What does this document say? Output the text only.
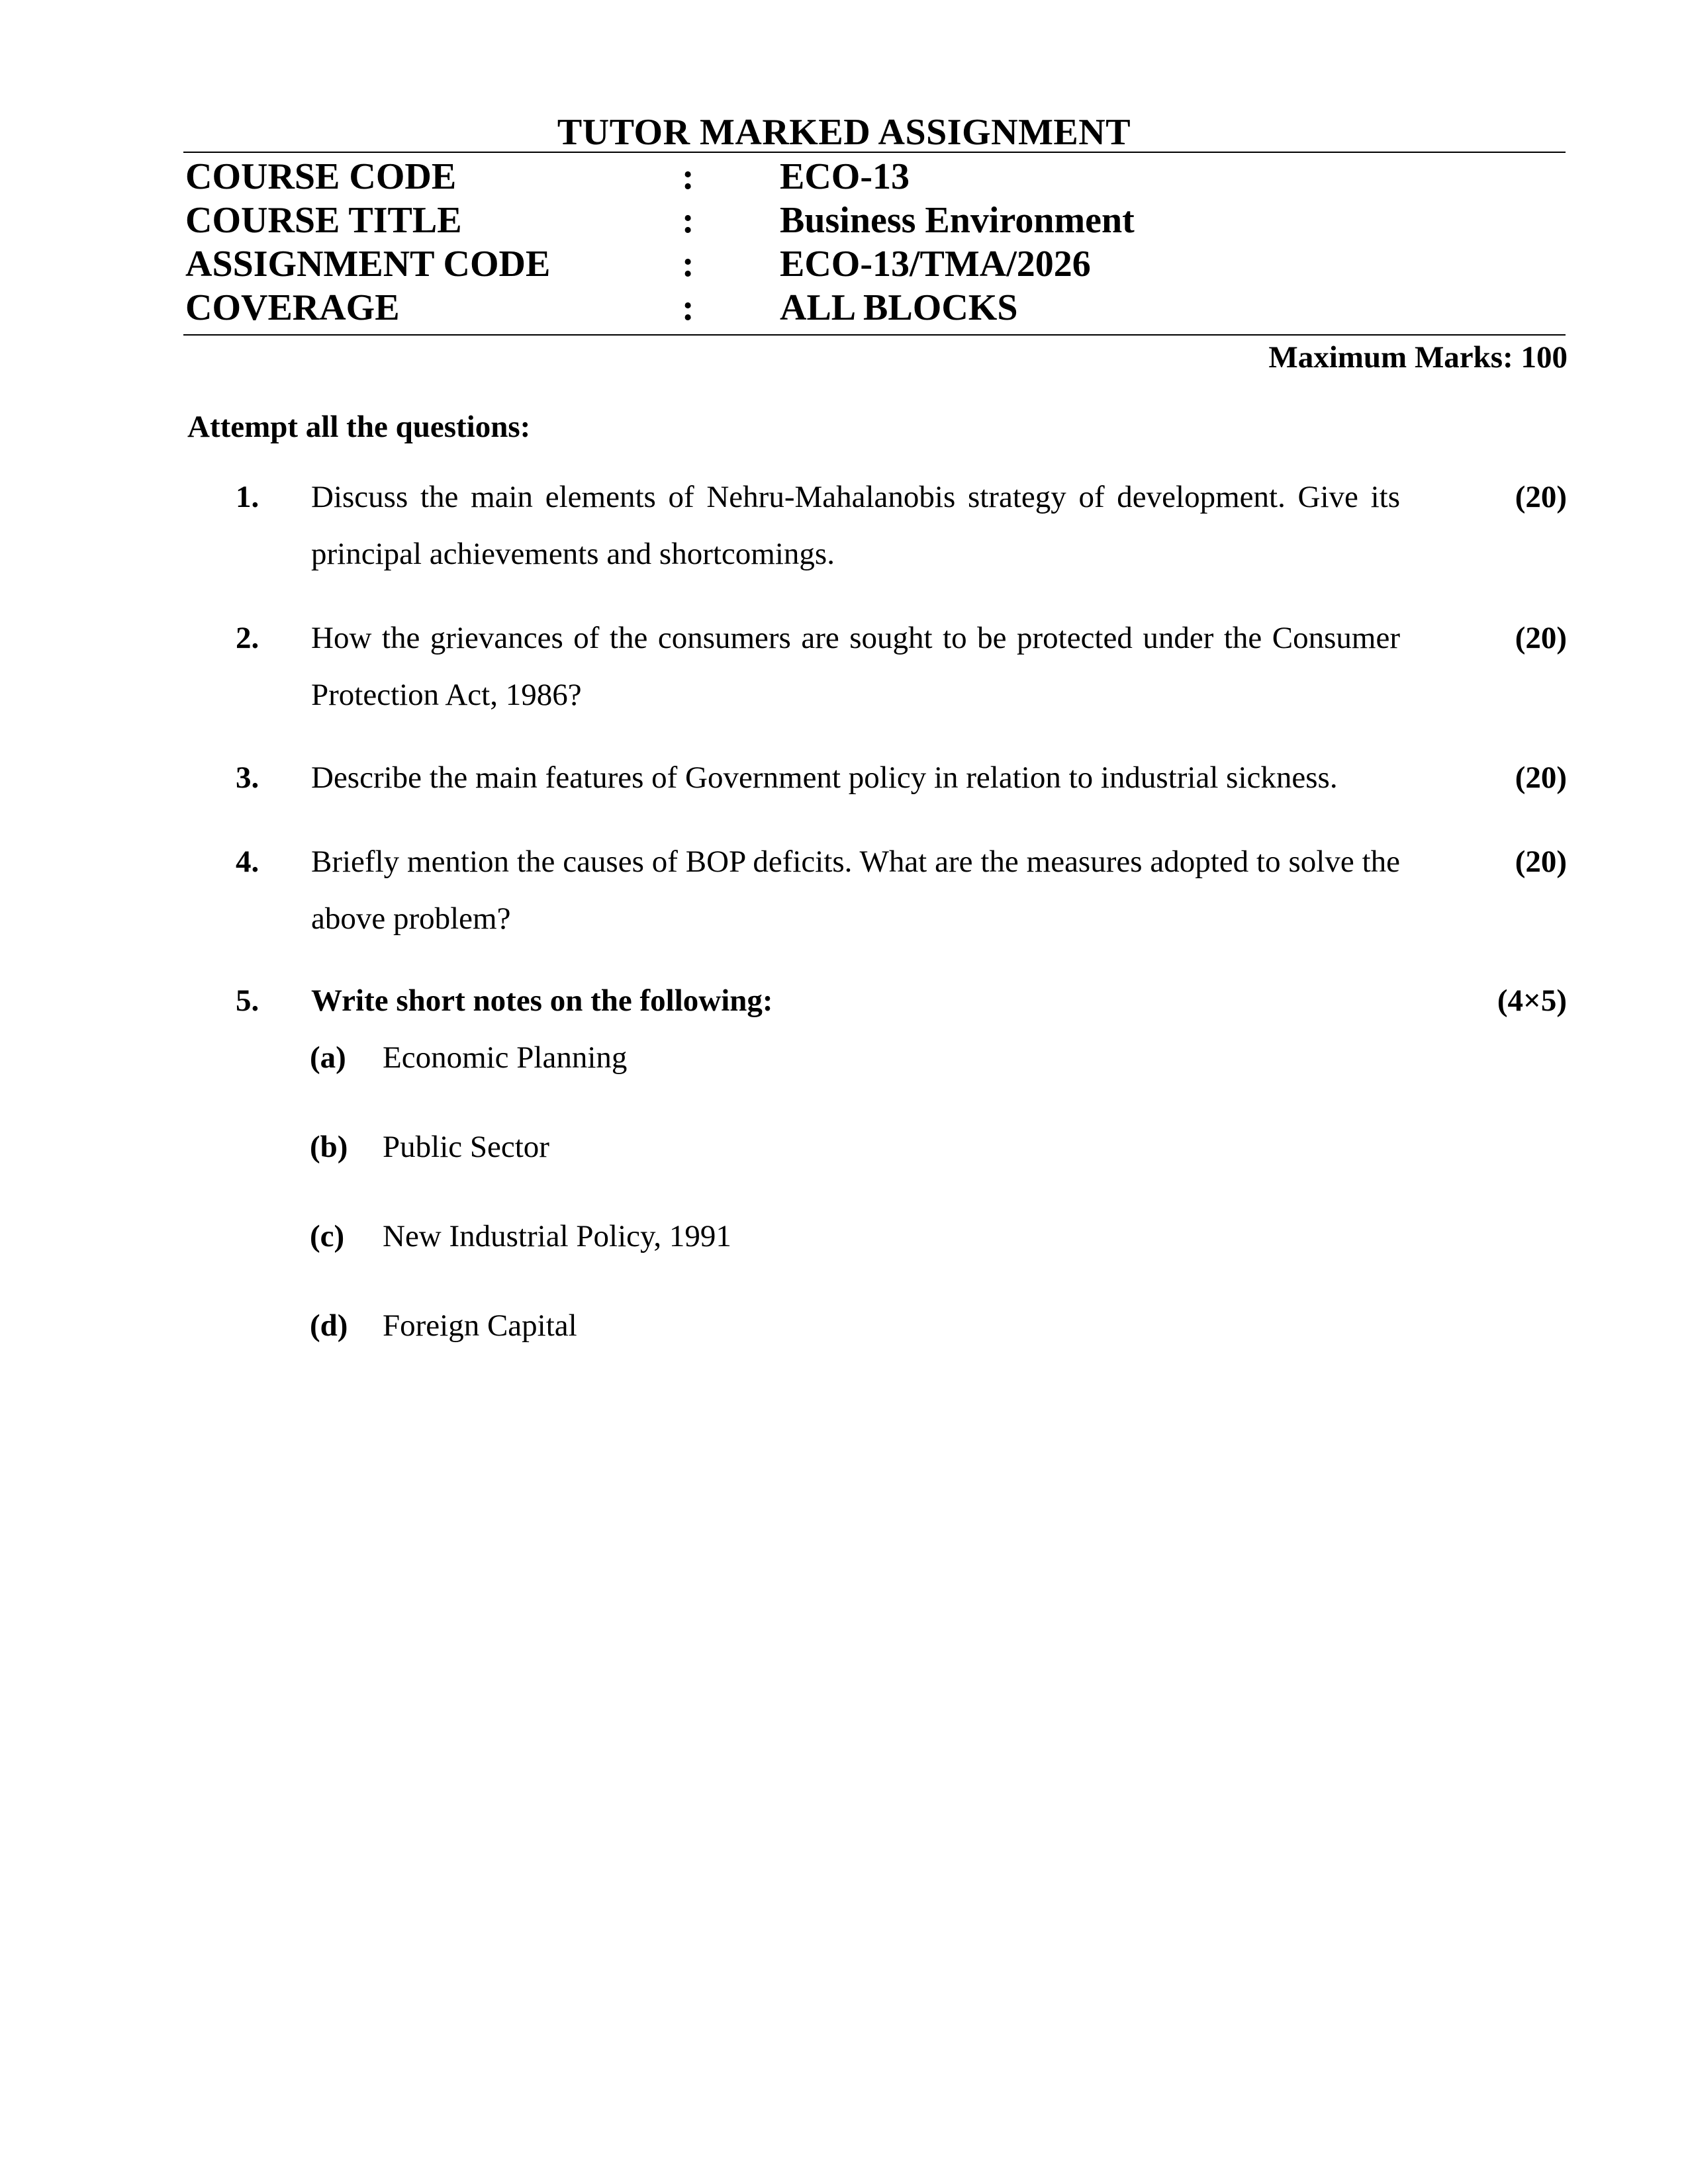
TUTOR MARKED ASSIGNMENT
COURSE CODE	: ECO-13
COURSE TITLE	: Business Environment
ASSIGNMENT CODE	: ECO-13/TMA/2026
COVERAGE	: ALL BLOCKS
Maximum Marks: 100
Attempt all the questions:
1. Discuss the main elements of Nehru-Mahalanobis strategy of development. Give its principal achievements and shortcomings.
(20)
2. How the grievances of the consumers are sought to be protected under the Consumer Protection Act, 1986?
(20)
3. Describe the main features of Government policy in relation to industrial sickness.	(20)
4. Briefly mention the causes of BOP deficits. What are the measures adopted to solve the above problem?
(20)
5. Write short notes on the following:	(4×5)
(a) Economic Planning
(b) Public Sector
(c) New Industrial Policy, 1991
(d) Foreign Capital
